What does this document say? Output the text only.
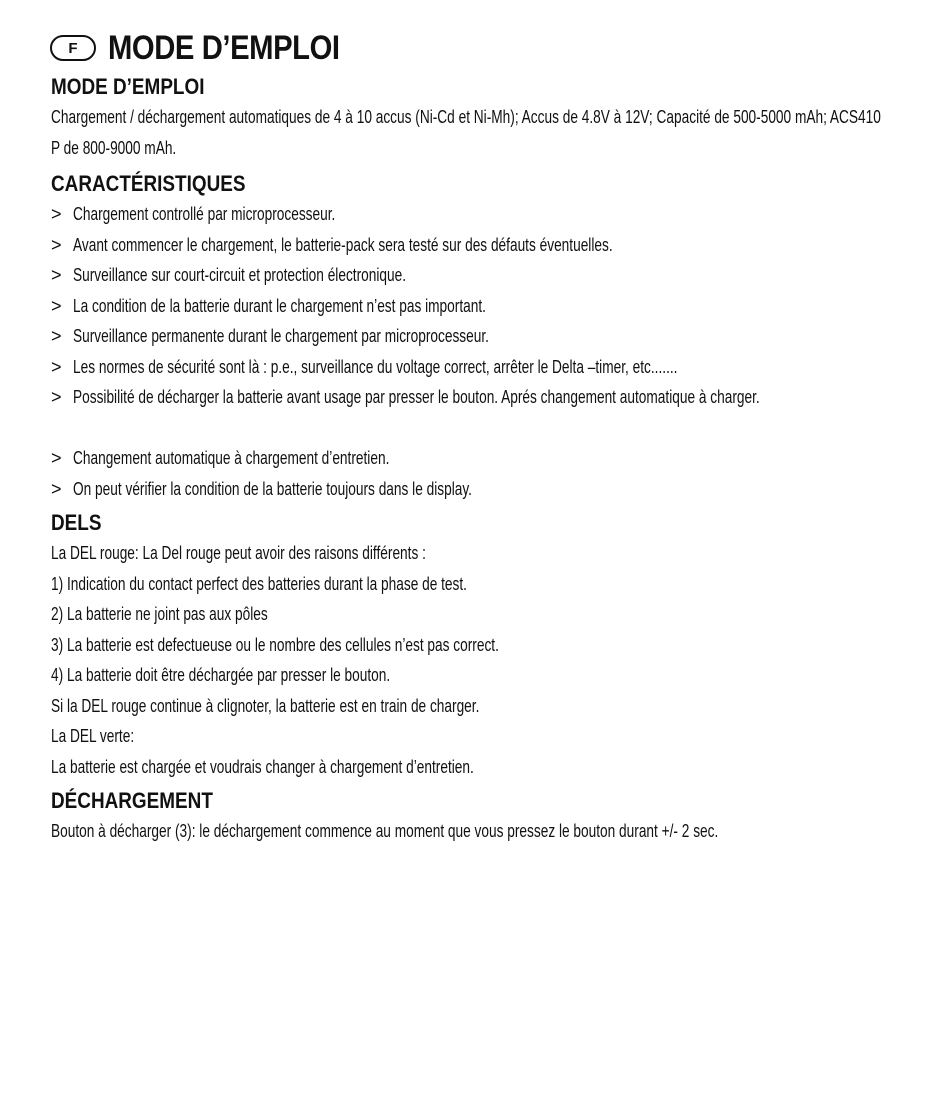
F MODE D’EMPLOI
MODE D’EMPLOI
Chargement / déchargement automatiques de 4 à 10 accus (Ni-Cd et Ni-Mh); Accus de 4.8V à 12V; Capacité de 500-5000 mAh; ACS410 P de 800-9000 mAh.
CARACTÉRISTIQUES
> Chargement controllé par microprocesseur.
> Avant commencer le chargement, le batterie-pack sera testé sur des défauts éventuelles.
> Surveillance sur court-circuit et protection électronique.
> La condition de la batterie durant le chargement n’est pas important.
> Surveillance permanente durant le chargement par microprocesseur.
> Les normes de sécurité sont là : p.e., surveillance du voltage correct, arrêter le Delta –timer, etc.......
> Possibilité de décharger la batterie avant usage par presser le bouton. Aprés changement automatique à charger.
> Changement automatique à chargement d’entretien.
> On peut vérifier la condition de la batterie toujours dans le display.
DELS
La DEL rouge: La Del rouge peut avoir des raisons différents :
1) Indication du contact perfect des batteries durant la phase de test.
2) La batterie ne joint pas aux pôles
3) La batterie est defectueuse ou le nombre des cellules n’est pas correct.
4) La batterie doit être déchargée par presser le bouton.
Si la DEL rouge continue à clignoter, la batterie est en train de charger.
La DEL verte:
La batterie est chargée et voudrais changer à chargement d’entretien.
DÉCHARGEMENT
Bouton à décharger (3): le déchargement commence au moment que vous pressez le bouton durant +/- 2 sec.
